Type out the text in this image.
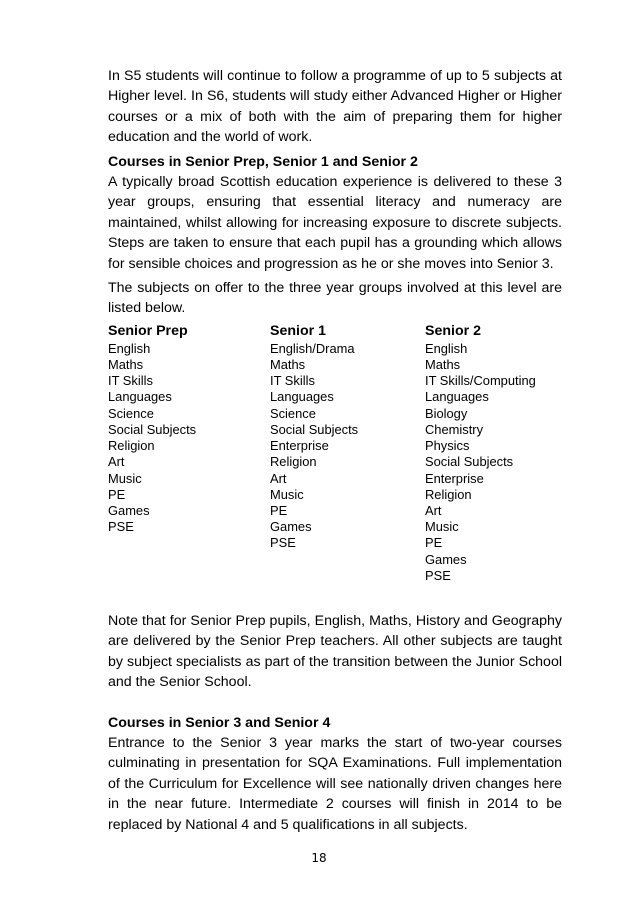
In S5 students will continue to follow a programme of up to 5 subjects at Higher level. In S6, students will study either Advanced Higher or Higher courses or a mix of both with the aim of preparing them for higher education and the world of work.

Courses in Senior Prep, Senior 1 and Senior 2

A typically broad Scottish education experience is delivered to these 3 year groups, ensuring that essential literacy and numeracy are maintained, whilst allowing for increasing exposure to discrete subjects. Steps are taken to ensure that each pupil has a grounding which allows for sensible choices and progression as he or she moves into Senior 3.

The subjects on offer to the three year groups involved at this level are listed below.

Senior Prep
English
Maths
IT Skills
Languages
Science
Social Subjects
Religion
Art
Music
PE
Games
PSE
Senior 1
English/Drama
Maths
IT Skills
Languages
Science
Social Subjects
Enterprise
Religion
Art
Music
PE
Games
PSE
Senior 2
English
Maths
IT Skills/Computing
Languages
Biology
Chemistry
Physics
Social Subjects
Enterprise
Religion
Art
Music
PE
Games
PSE

Note that for Senior Prep pupils, English, Maths, History and Geography are delivered by the Senior Prep teachers. All other subjects are taught by subject specialists as part of the transition between the Junior School and the Senior School.

Courses in Senior 3 and Senior 4

Entrance to the Senior 3 year marks the start of two-year courses culminating in presentation for SQA Examinations. Full implementation of the Curriculum for Excellence will see nationally driven changes here in the near future. Intermediate 2 courses will finish in 2014 to be replaced by National 4 and 5 qualifications in all subjects.

18
